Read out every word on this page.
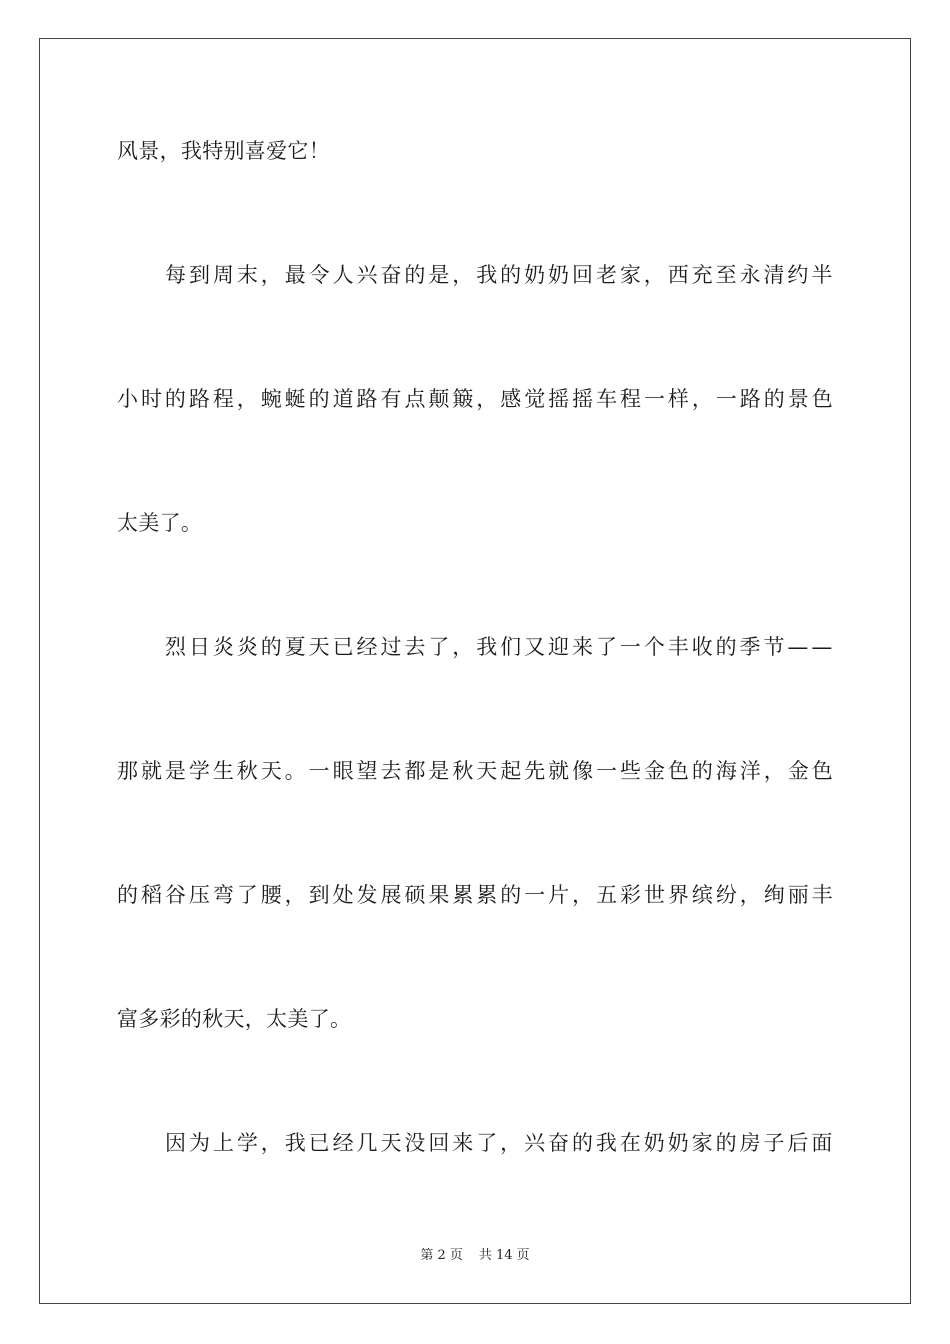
风景，我特别喜爱它！
每 到 周 末 ， 最 令 人 兴 奋 的 是 ， 我 的 奶 奶 回 老 家 ， 西 充 至 永 清 约 半
小 时 的 路 程 ， 蜿 蜒 的 道 路 有 点 颠 簸 ， 感 觉 摇 摇 车 程 一 样 ， 一 路 的 景 色
太美了。
烈 日 炎 炎 的 夏 天 已 经 过 去 了 ， 我 们 又 迎 来 了 一 个 丰 收 的 季 节 — —
那 就 是 学 生 秋 天 。 一 眼 望 去 都 是 秋 天 起 先 就 像 一 些 金 色 的 海 洋 ， 金 色
的 稻 谷 压 弯 了 腰 ， 到 处 发 展 硕 果 累 累 的 一 片 ， 五 彩 世 界 缤 纷 ， 绚 丽 丰
富多彩的秋天，太美了。
因 为 上 学 ， 我 已 经 几 天 没 回 来 了 ， 兴 奋 的 我 在 奶 奶 家 的 房 子 后 面
第 2 页 共 14 页
